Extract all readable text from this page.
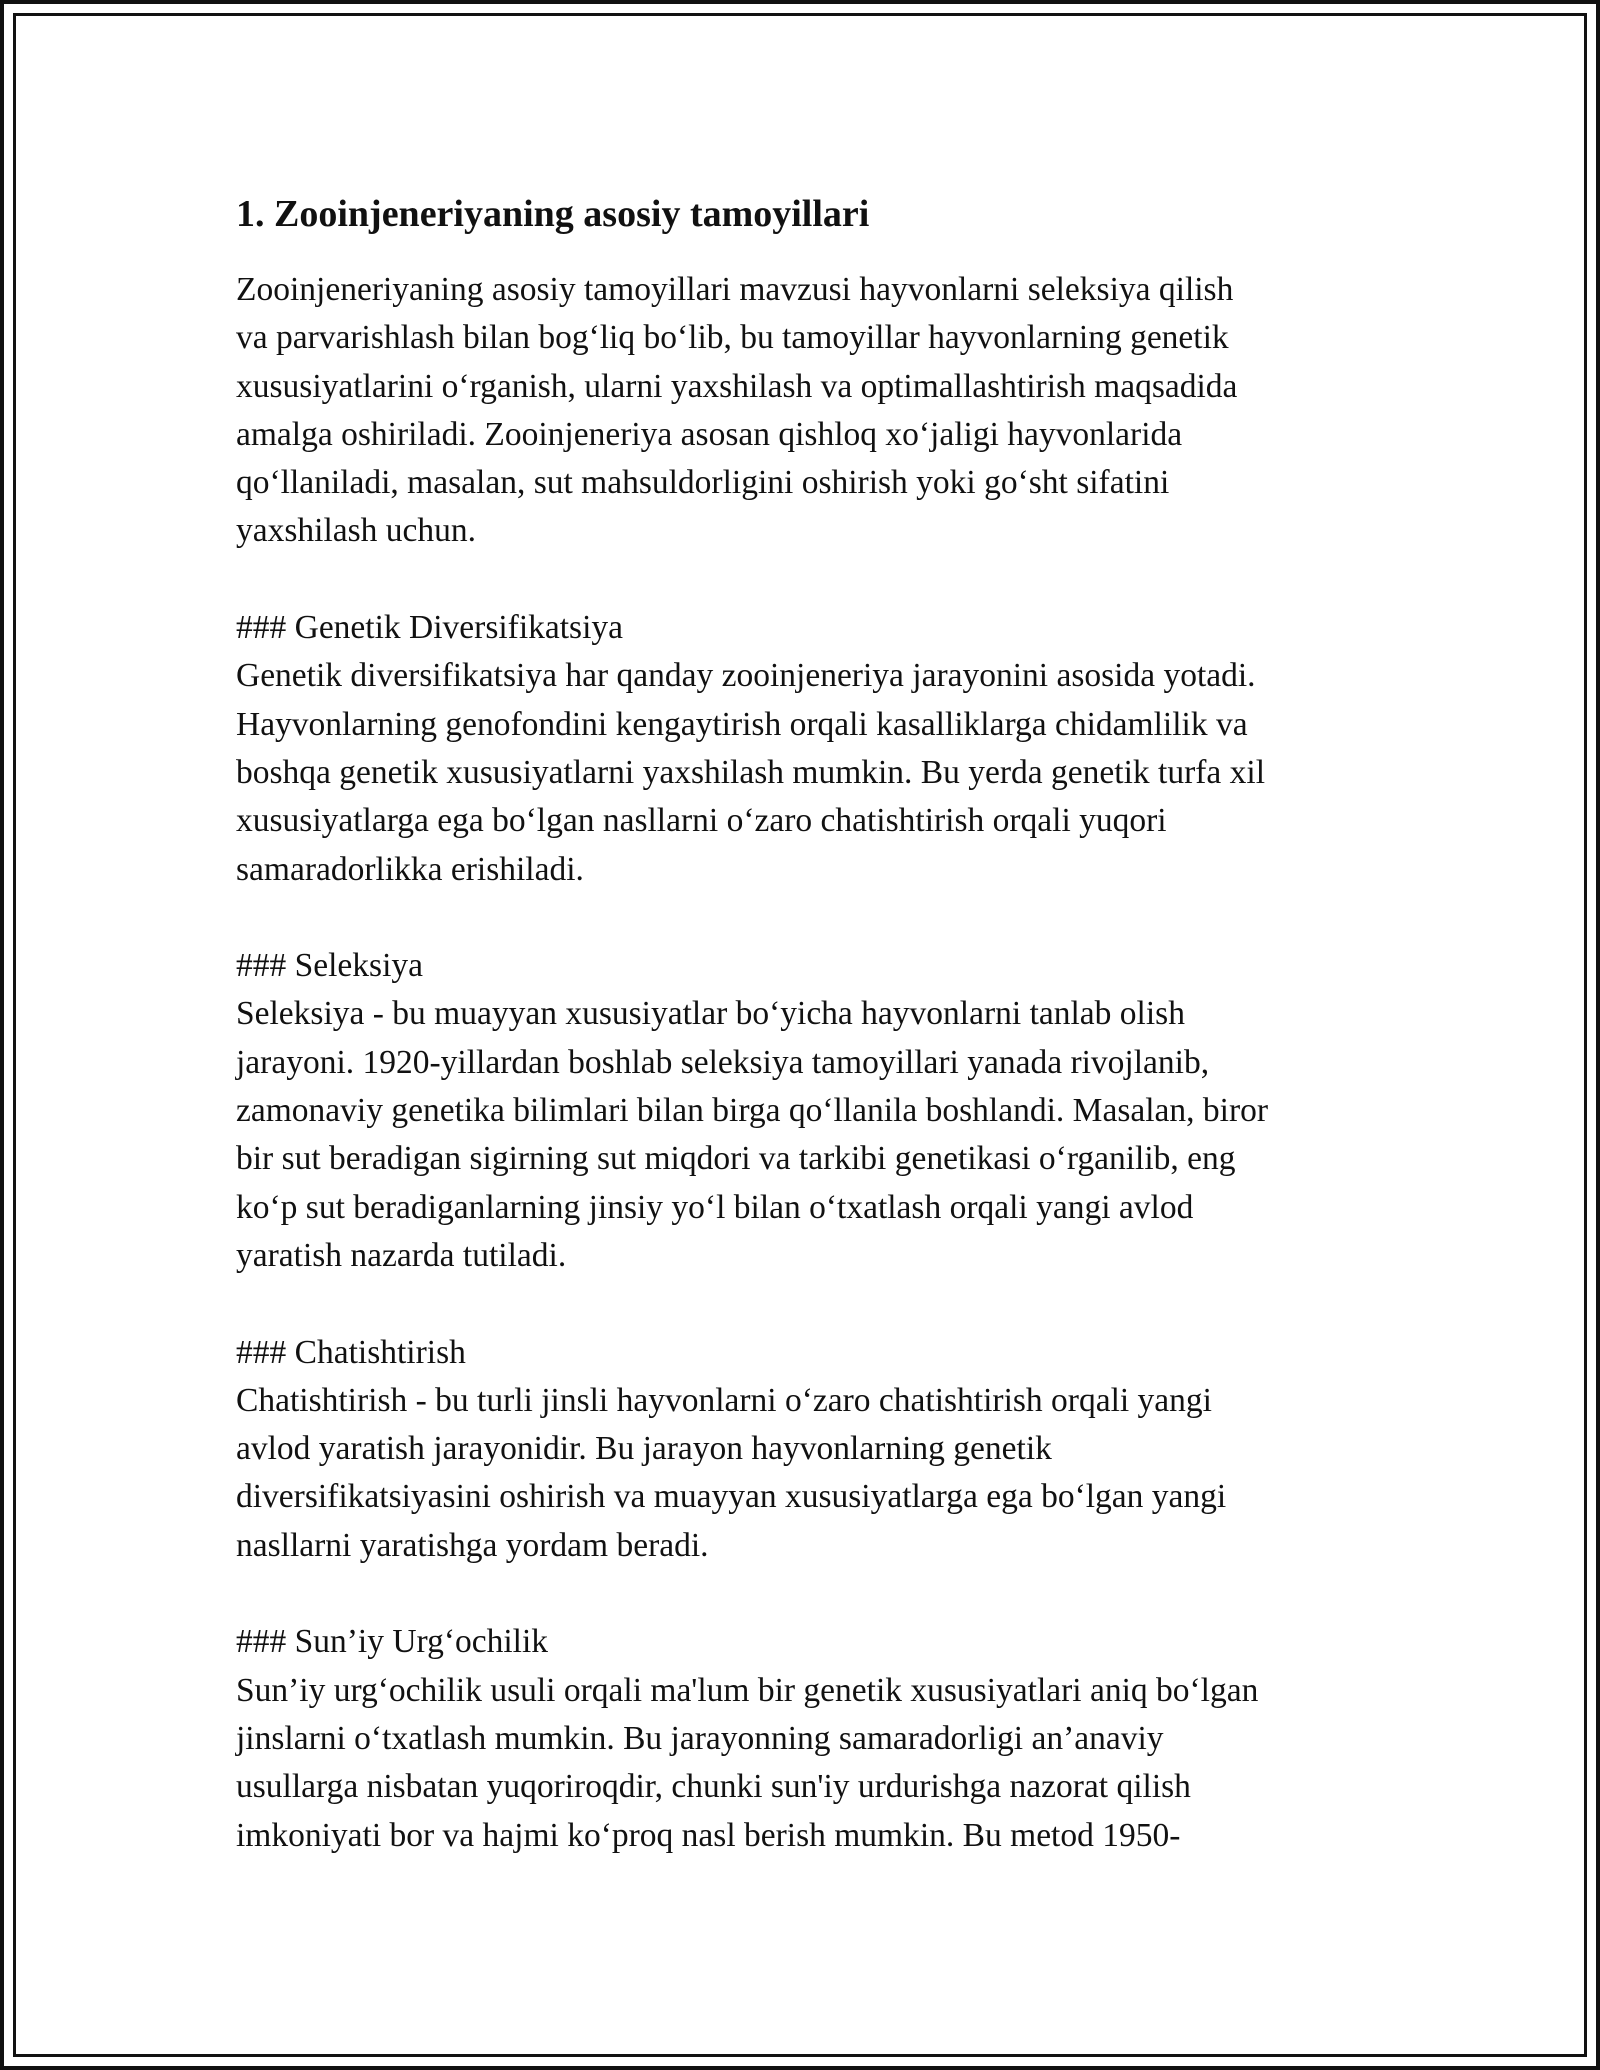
1. Zooinjeneriyaning asosiy tamoyillari

Zooinjeneriyaning asosiy tamoyillari mavzusi hayvonlarni seleksiya qilish
va parvarishlash bilan bog‘liq bo‘lib, bu tamoyillar hayvonlarning genetik
xususiyatlarini o‘rganish, ularni yaxshilash va optimallashtirish maqsadida
amalga oshiriladi. Zooinjeneriya asosan qishloq xo‘jaligi hayvonlarida
qo‘llaniladi, masalan, sut mahsuldorligini oshirish yoki go‘sht sifatini
yaxshilash uchun.

### Genetik Diversifikatsiya

Genetik diversifikatsiya har qanday zooinjeneriya jarayonini asosida yotadi.
Hayvonlarning genofondini kengaytirish orqali kasalliklarga chidamlilik va
boshqa genetik xususiyatlarni yaxshilash mumkin. Bu yerda genetik turfa xil
xususiyatlarga ega bo‘lgan nasllarni o‘zaro chatishtirish orqali yuqori
samaradorlikka erishiladi.

### Seleksiya

Seleksiya - bu muayyan xususiyatlar bo‘yicha hayvonlarni tanlab olish
jarayoni. 1920-yillardan boshlab seleksiya tamoyillari yanada rivojlanib,
zamonaviy genetika bilimlari bilan birga qo‘llanila boshlandi. Masalan, biror
bir sut beradigan sigirning sut miqdori va tarkibi genetikasi o‘rganilib, eng
ko‘p sut beradiganlarning jinsiy yo‘l bilan o‘txatlash orqali yangi avlod
yaratish nazarda tutiladi.

### Chatishtirish

Chatishtirish - bu turli jinsli hayvonlarni o‘zaro chatishtirish orqali yangi
avlod yaratish jarayonidir. Bu jarayon hayvonlarning genetik
diversifikatsiyasini oshirish va muayyan xususiyatlarga ega bo‘lgan yangi
nasllarni yaratishga yordam beradi.

### Sun’iy Urg‘ochilik

Sun’iy urg‘ochilik usuli orqali ma'lum bir genetik xususiyatlari aniq bo‘lgan
jinslarni o‘txatlash mumkin. Bu jarayonning samaradorligi an’anaviy
usullarga nisbatan yuqoriroqdir, chunki sun'iy urdurishga nazorat qilish
imkoniyati bor va hajmi ko‘proq nasl berish mumkin. Bu metod 1950-
